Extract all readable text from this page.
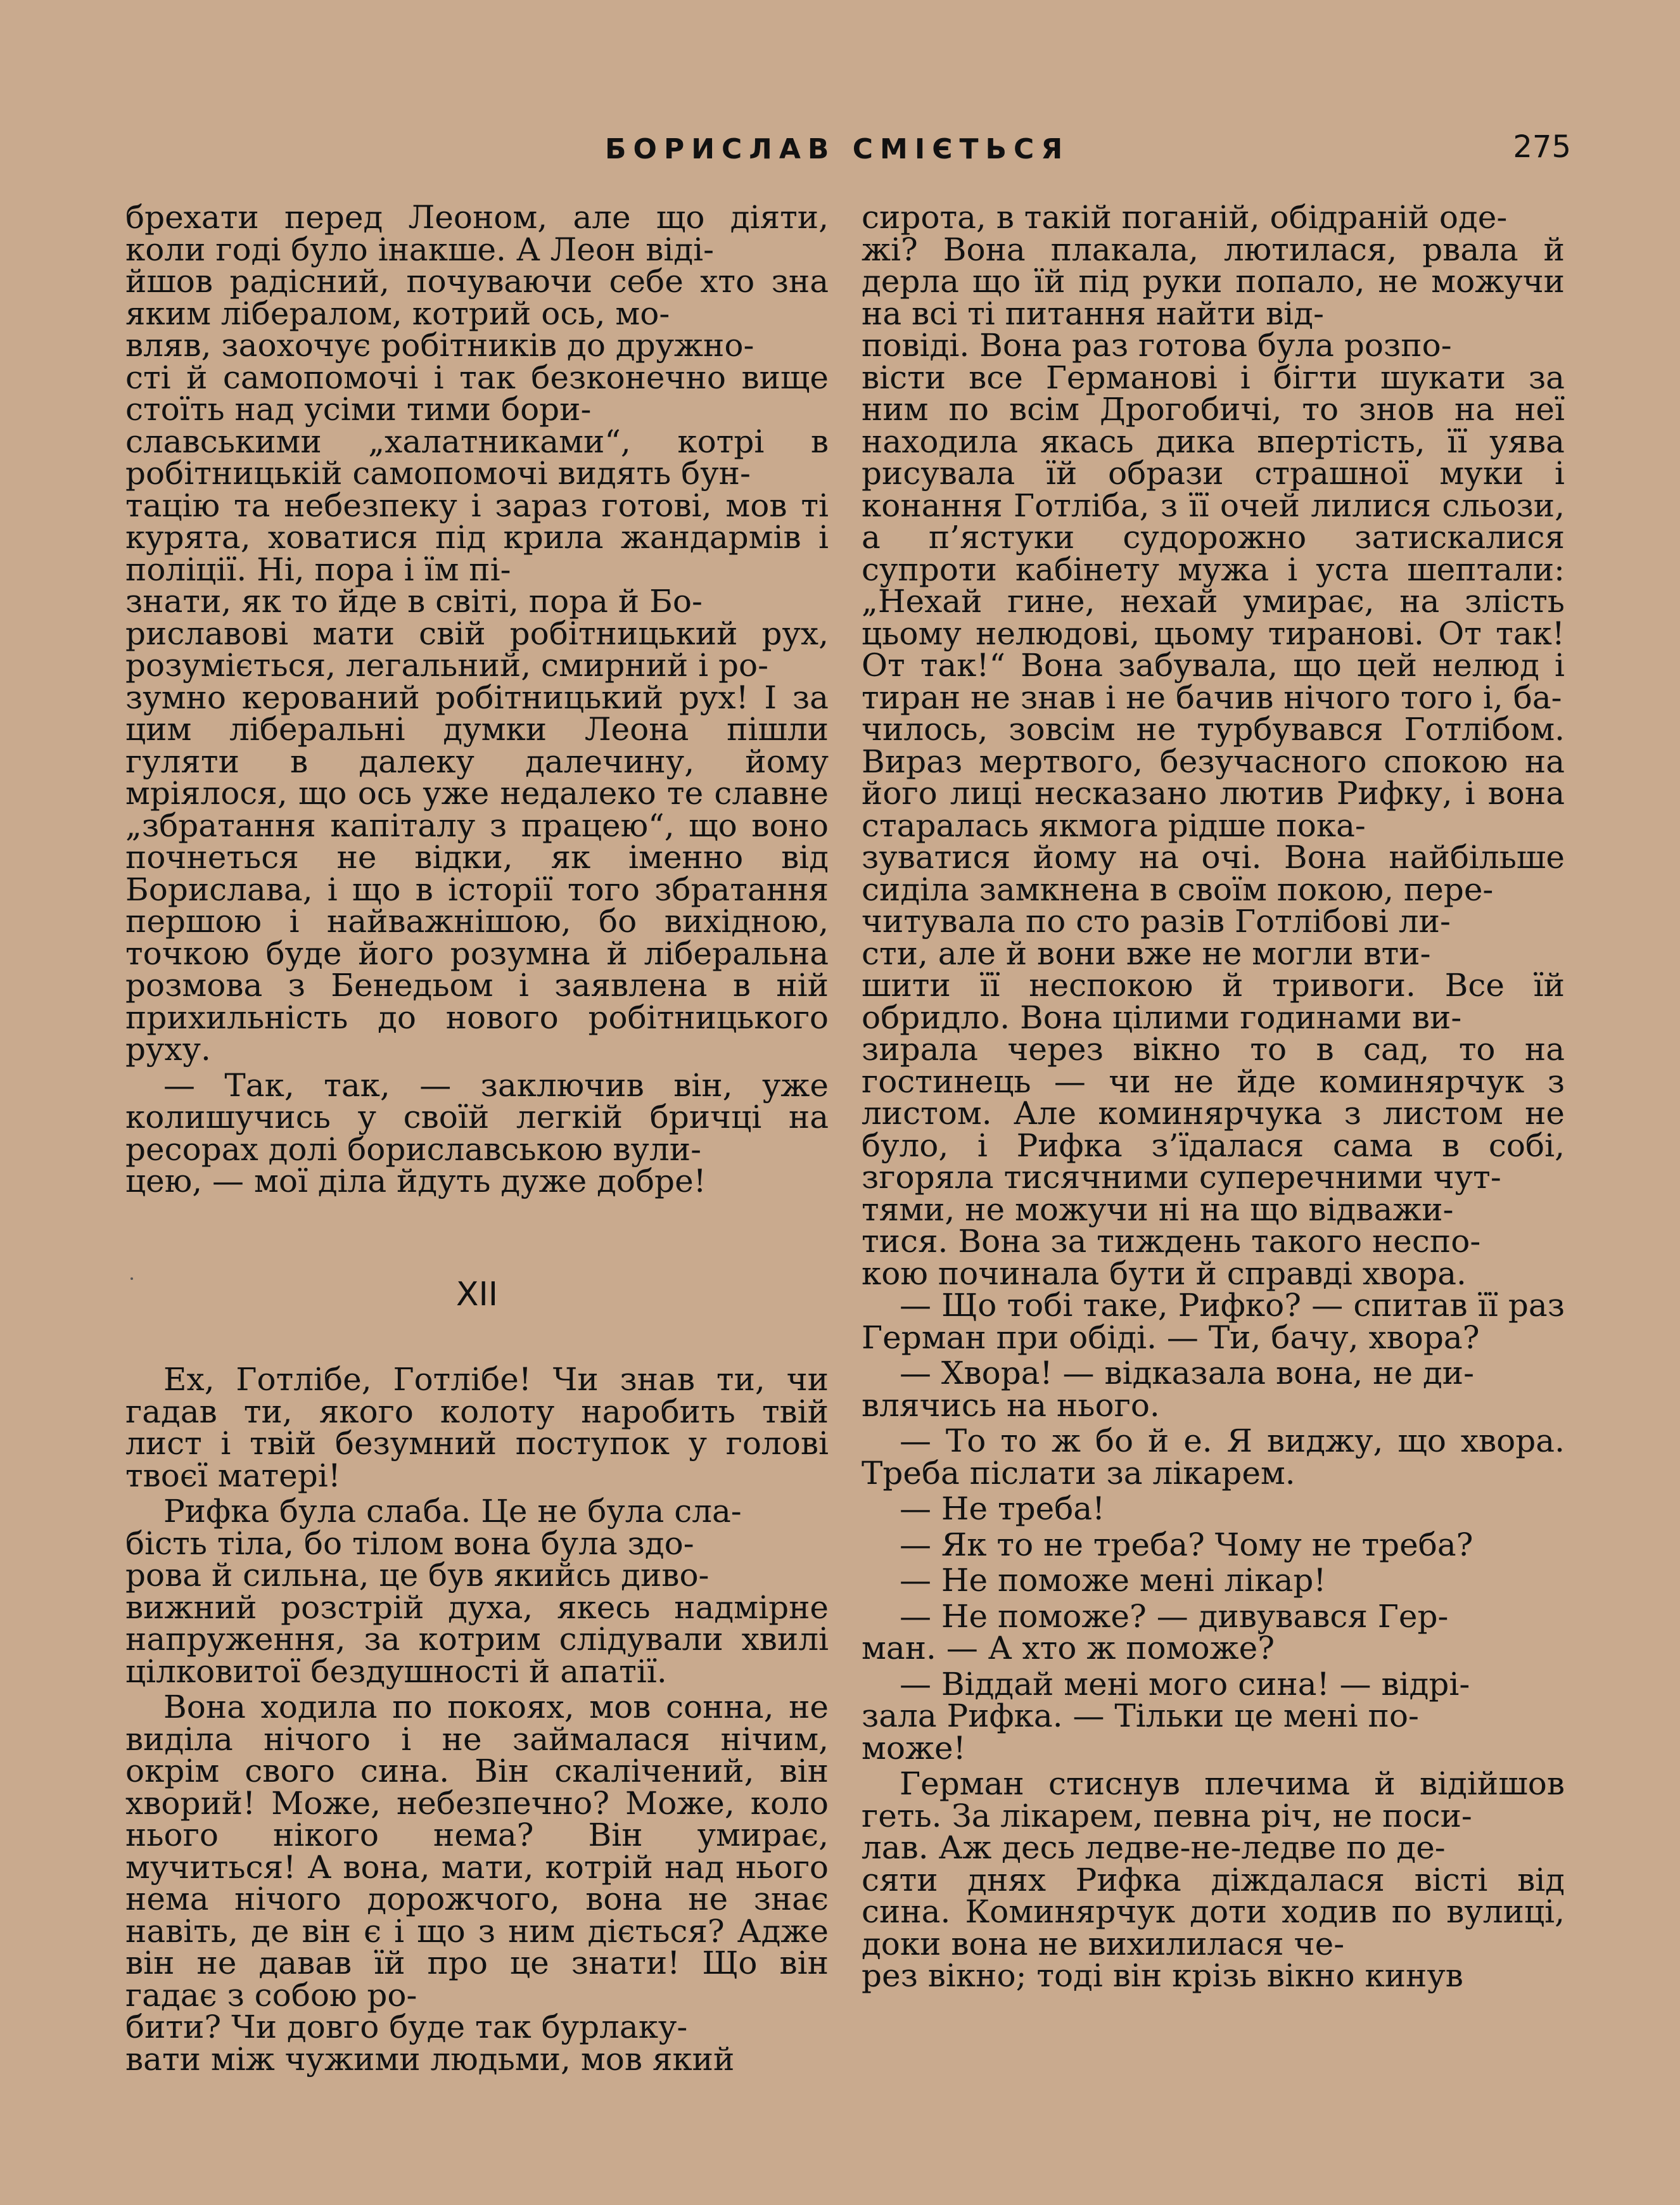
БОРИСЛАВ СМІЄТЬСЯ	275

брехати перед Леоном, але що діяти, коли годі було інакше. А Леон віді-
йшов радісний, почуваючи себе хто зна яким лібералом, котрий ось, мо-
вляв, заохочує робітників до дружно-
сті й самопомочі і так безконечно вище стоїть над усіми тими бори-
славськими „халатниками“, котрі в робітницькій самопомочі видять бун-
тацію та небезпеку і зараз готові, мов ті курята, ховатися під крила жандармів і поліції. Ні, пора і їм пі-
знати, як то йде в світі, пора й Бо-
риславові мати свій робітницький рух, розуміється, легальний, смирний і ро-
зумно керований робітницький рух! І за цим ліберальні думки Леона пішли гуляти в далеку далечину, йому мріялося, що ось уже недалеко те славне „збратання капіталу з працею“, що воно почнеться не відки, як іменно від Борислава, і що в історії того збратання першою і найважнішою, бо вихідною, точкою буде його розумна й ліберальна розмова з Бенедьом і заявлена в ній прихильність до нового робітницького руху.

— Так, так, — заключив він, уже колишучись у своїй легкій бричці на ресорах долі бориславською вули-
цею, — мої діла йдуть дуже добре!

XII

Ех, Готлібе, Готлібе! Чи знав ти, чи гадав ти, якого колоту наробить твій лист і твій безумний поступок у голові твоєї матері!

Рифка була слаба. Це не була сла-
бість тіла, бо тілом вона була здо-
рова й сильна, це був якийсь диво-
вижний розстрій духа, якесь надмірне напруження, за котрим слідували хвилі цілковитої бездушності й апатії.

Вона ходила по покоях, мов сонна, не виділа нічого і не займалася нічим, окрім свого сина. Він скалічений, він хворий! Може, небезпечно? Може, коло нього нікого нема? Він умирає, мучиться! А вона, мати, котрій над нього нема нічого дорожчого, вона не знає навіть, де він є і що з ним діється? Адже він не давав їй про це знати! Що він гадає з собою ро-
бити? Чи довго буде так бурлаку-
вати між чужими людьми, мов який

сирота, в такій поганій, обідраній оде-
жі? Вона плакала, лютилася, рвала й дерла що їй під руки попало, не можучи на всі ті питання найти від-
повіді. Вона раз готова була розпо-
вісти все Германові і бігти шукати за ним по всім Дрогобичі, то знов на неї находила якась дика впертість, її уява рисувала їй образи страшної муки і конання Готліба, з її очей лилися сльози, а п’ястуки судорожно затискалися супроти кабінету мужа і уста шептали: „Нехай гине, нехай умирає, на злість цьому нелюдові, цьому тиранові. От так! От так!“ Вона забувала, що цей нелюд і тиран не знав і не бачив нічого того і, ба-
чилось, зовсім не турбувався Готлібом. Вираз мертвого, безучасного спокою на його лиці несказано лютив Рифку, і вона старалась якмога рідше пока-
зуватися йому на очі. Вона найбільше сиділа замкнена в своїм покою, пере-
читувала по сто разів Готлібові ли-
сти, але й вони вже не могли вти-
шити її неспокою й тривоги. Все їй обридло. Вона цілими годинами ви-
зирала через вікно то в сад, то на гостинець — чи не йде коминярчук з листом. Але коминярчука з листом не було, і Рифка з’їдалася сама в собі, згоряла тисячними суперечними чут-
тями, не можучи ні на що відважи-
тися. Вона за тиждень такого неспо-
кою починала бути й справді хвора.

— Що тобі таке, Рифко? — спитав її раз Герман при обіді. — Ти, бачу, хвора?

— Хвора! — відказала вона, не ди-
влячись на нього.

— То то ж бо й е. Я виджу, що хвора. Треба післати за лікарем.

— Не треба!

— Як то не треба? Чому не треба?

— Не поможе мені лікар!

— Не поможе? — дивувався Гер-
ман. — А хто ж поможе?

— Віддай мені мого сина! — відрі-
зала Рифка. — Тільки це мені по-
може!

Герман стиснув плечима й відійшов геть. За лікарем, певна річ, не поси-
лав. Аж десь ледве-не-ледве по де-
сяти днях Рифка діждалася вісті від сина. Коминярчук доти ходив по вулиці, доки вона не вихилилася че-
рез вікно; тоді він крізь вікно кинув
